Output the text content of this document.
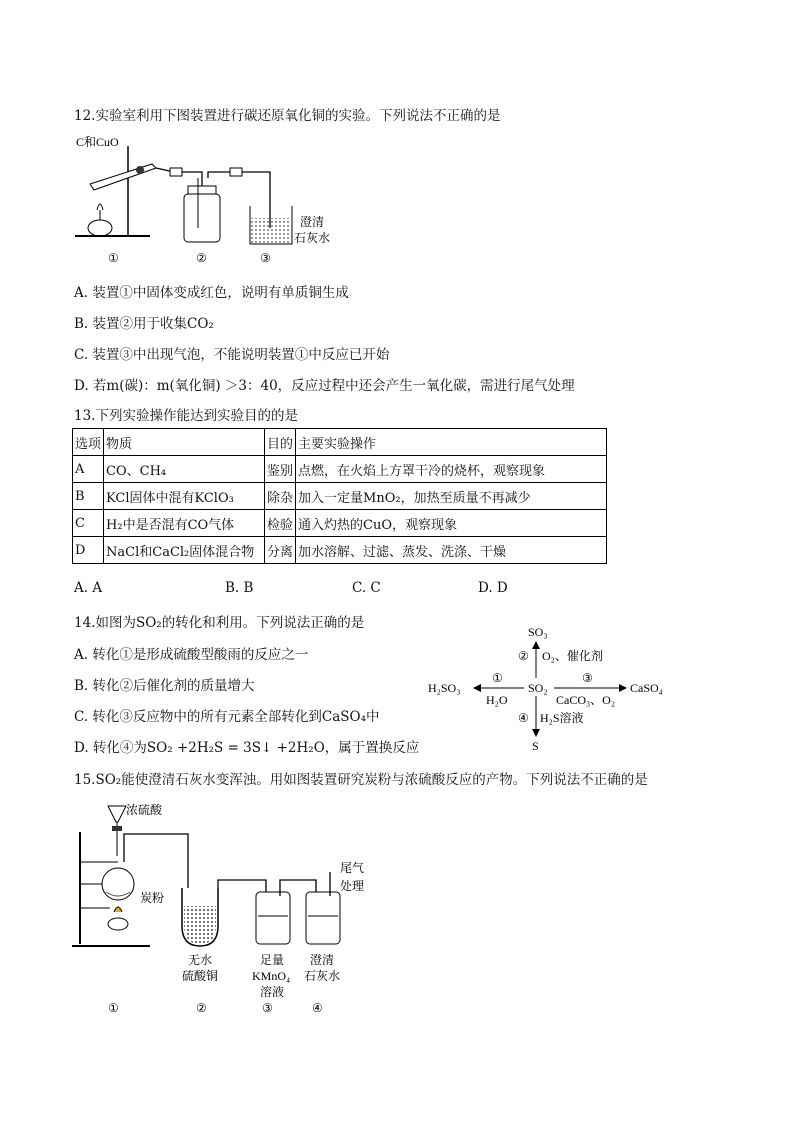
12.实验室利用下图装置进行碳还原氧化铜的实验。下列说法不正确的是
C和CuO
澄清
石灰水
①	②	③
A. 装置①中固体变成红色，说明有单质铜生成
B. 装置②用于收集CO₂
C. 装置③中出现气泡，不能说明装置①中反应已开始
D. 若m(碳)：m(氧化铜) ＞3：40，反应过程中还会产生一氧化碳，需进行尾气处理
13.下列实验操作能达到实验目的的是
选项	物质	目的	主要实验操作
A	CO、CH₄	鉴别	点燃，在火焰上方罩干冷的烧杯，观察现象
B	KCl固体中混有KClO₃	除杂	加入一定量MnO₂，加热至质量不再减少
C	H₂中是否混有CO气体	检验	通入灼热的CuO，观察现象
D	NaCl和CaCl₂固体混合物	分离	加水溶解、过滤、蒸发、洗涤、干燥
A. A	B. B	C. C	D. D
14.如图为SO₂的转化和利用。下列说法正确的是
A. 转化①是形成硫酸型酸雨的反应之一
B. 转化②后催化剂的质量增大
C. 转化③反应物中的所有元素全部转化到CaSO₄中
D. 转化④为SO₂ +2H₂S = 3S↓ +2H₂O，属于置换反应
SO₃
SO₂
H₂SO₃	CaSO₄
S
② O₂、催化剂
①
H₂O
③
CaCO₃、O₂
④ H₂S溶液
15.SO₂能使澄清石灰水变浑浊。用如图装置研究炭粉与浓硫酸反应的产物。下列说法不正确的是
浓硫酸
炭粉
尾气
处理
无水
硫酸铜
足量
KMnO₄
溶液
澄清
石灰水
①	②	③	④
